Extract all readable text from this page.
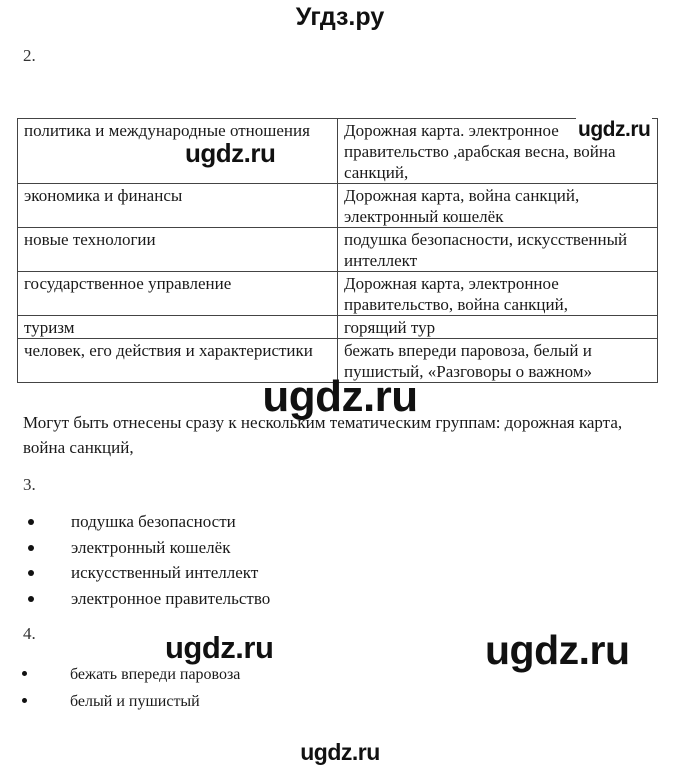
Угдз.ру
2.
политика и международные отношения	Дорожная карта. электронное правительство ,арабская весна, война санкций,
экономика и финансы	Дорожная карта, война санкций, электронный кошелёк
новые технологии	подушка безопасности, искусственный интеллект
государственное управление	Дорожная карта, электронное правительство, война санкций,
туризм	горящий тур
человек, его действия и характеристики	бежать впереди паровоза, белый и пушистый, «Разговоры о важном»
ugdz.ru
ugdz.ru
ugdz.ru
Могут быть отнесены сразу к нескольким тематическим группам: дорожная карта, война санкций,
3.
подушка безопасности
электронный кошелёк
искусственный интеллект
электронное правительство
4.	ugdz.ru	ugdz.ru
бежать впереди паровоза
белый и пушистый
ugdz.ru
